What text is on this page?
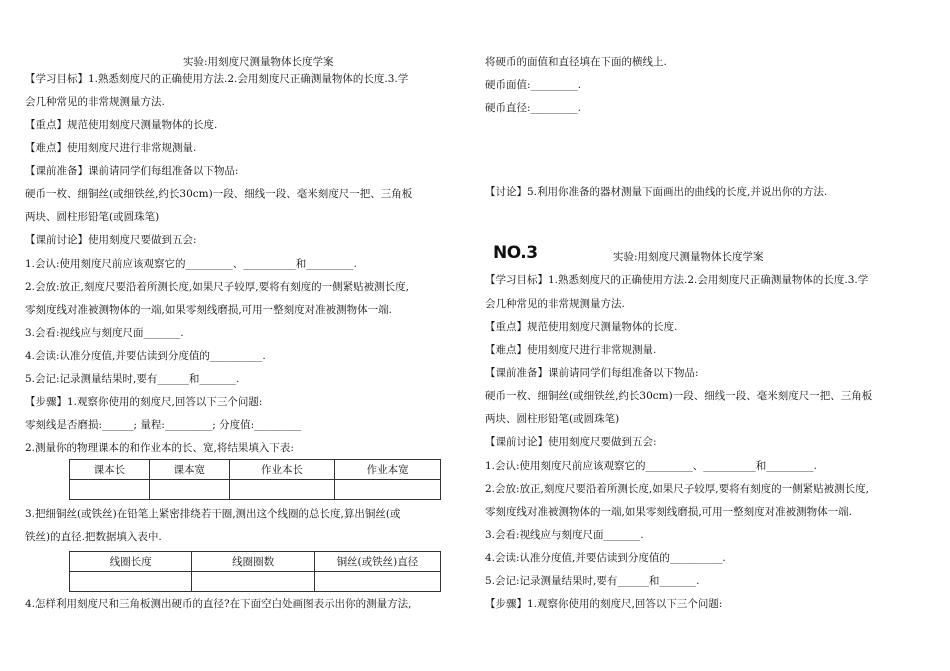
实验:用刻度尺测量物体长度学案
【学习目标】1.熟悉刻度尺的正确使用方法.2.会用刻度尺正确测量物体的长度.3.学
会几种常见的非常规测量方法.
【重点】规范使用刻度尺测量物体的长度.
【难点】使用刻度尺进行非常规测量.
【课前准备】课前请同学们每组准备以下物品:
硬币一枚、细铜丝(或细铁丝,约长30cm)一段、细线一段、毫米刻度尺一把、三角板
两块、圆柱形铅笔(或圆珠笔)
【课前讨论】使用刻度尺要做到五会:
1.会认:使用刻度尺前应该观察它的_________、__________和_________.
2.会放:放正,刻度尺要沿着所测长度,如果尺子较厚,要将有刻度的一侧紧贴被测长度,
零刻度线对准被测物体的一端,如果零刻线磨损,可用一整刻度对准被测物体一端.
3.会看:视线应与刻度尺面_______.
4.会读:认准分度值,并要估读到分度值的__________.
5.会记:记录测量结果时,要有______和_______.
【步骤】1.观察你使用的刻度尺,回答以下三个问题:
零刻线是否磨损:______; 量程:_________; 分度值:_________
2.测量你的物理课本的和作业本的长、宽,将结果填入下表:
课本长	课本宽	作业本长	作业本宽

3.把细铜丝(或铁丝)在铅笔上紧密排绕若干圈,测出这个线圈的总长度,算出铜丝(或
铁丝)的直径.把数据填入表中.
线圈长度	线圈圈数	铜丝(或铁丝)直径

4.怎样利用刻度尺和三角板测出硬币的直径?在下面空白处画图表示出你的测量方法,
将硬币的面值和直径填在下面的横线上.
硬币面值:_________.
硬币直径:_________.
【讨论】5.利用你准备的器材测量下面画出的曲线的长度,并说出你的方法.
NO.3	实验:用刻度尺测量物体长度学案
【学习目标】1.熟悉刻度尺的正确使用方法.2.会用刻度尺正确测量物体的长度.3.学
会几种常见的非常规测量方法.
【重点】规范使用刻度尺测量物体的长度.
【难点】使用刻度尺进行非常规测量.
【课前准备】课前请同学们每组准备以下物品:
硬币一枚、细铜丝(或细铁丝,约长30cm)一段、细线一段、毫米刻度尺一把、三角板
两块、圆柱形铅笔(或圆珠笔)
【课前讨论】使用刻度尺要做到五会:
1.会认:使用刻度尺前应该观察它的_________、__________和_________.
2.会放:放正,刻度尺要沿着所测长度,如果尺子较厚,要将有刻度的一侧紧贴被测长度,
零刻度线对准被测物体的一端,如果零刻线磨损,可用一整刻度对准被测物体一端.
3.会看:视线应与刻度尺面_______.
4.会读:认准分度值,并要估读到分度值的__________.
5.会记:记录测量结果时,要有______和_______.
【步骤】1.观察你使用的刻度尺,回答以下三个问题:
